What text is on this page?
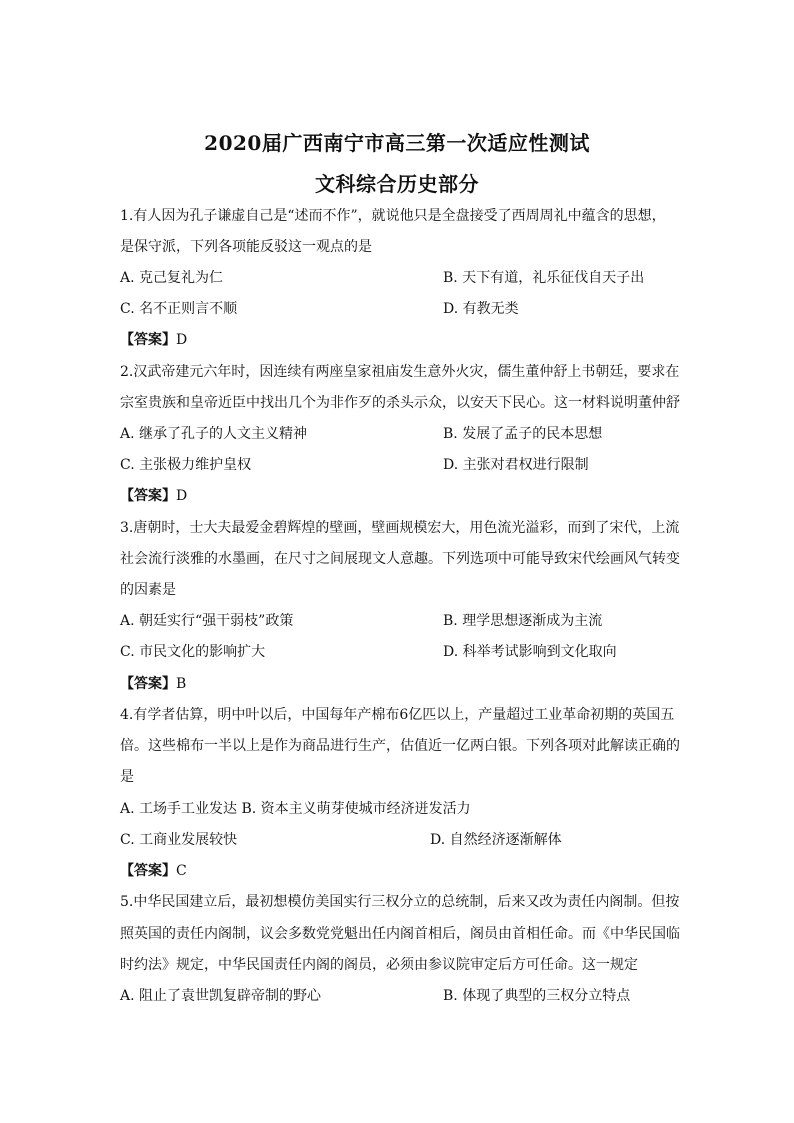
2020届广西南宁市高三第一次适应性测试
文科综合历史部分
1.有人因为孔子谦虚自己是“述而不作”，就说他只是全盘接受了西周周礼中蕴含的思想，
是保守派，下列各项能反驳这一观点的是
A. 克己复礼为仁	B. 天下有道，礼乐征伐自天子出
C. 名不正则言不顺	D. 有教无类
【答案】D
2.汉武帝建元六年时，因连续有两座皇家祖庙发生意外火灾，儒生董仲舒上书朝廷，要求在
宗室贵族和皇帝近臣中找出几个为非作歹的杀头示众，以安天下民心。这一材料说明董仲舒
A. 继承了孔子的人文主义精神	B. 发展了孟子的民本思想
C. 主张极力维护皇权	D. 主张对君权进行限制
【答案】D
3.唐朝时，士大夫最爱金碧辉煌的壁画，壁画规模宏大，用色流光溢彩，而到了宋代，上流
社会流行淡雅的水墨画，在尺寸之间展现文人意趣。下列选项中可能导致宋代绘画风气转变
的因素是
A. 朝廷实行“强干弱枝”政策	B. 理学思想逐渐成为主流
C. 市民文化的影响扩大	D. 科举考试影响到文化取向
【答案】B
4.有学者估算，明中叶以后，中国每年产棉布6亿匹以上，产量超过工业革命初期的英国五
倍。这些棉布一半以上是作为商品进行生产，估值近一亿两白银。下列各项对此解读正确的
是
A. 工场手工业发达 B. 资本主义萌芽使城市经济迸发活力
C. 工商业发展较快	D. 自然经济逐渐解体
【答案】C
5.中华民国建立后，最初想模仿美国实行三权分立的总统制，后来又改为责任内阁制。但按
照英国的责任内阁制，议会多数党党魁出任内阁首相后，阁员由首相任命。而《中华民国临
时约法》规定，中华民国责任内阁的阁员，必须由参议院审定后方可任命。这一规定
A. 阻止了袁世凯复辟帝制的野心	B. 体现了典型的三权分立特点
